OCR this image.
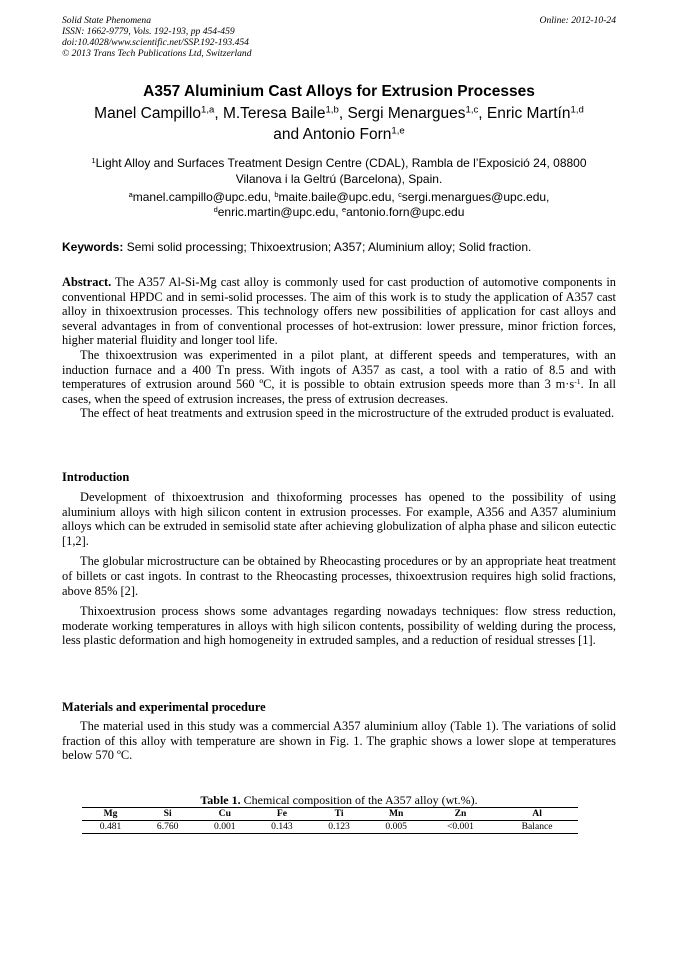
Solid State Phenomena
ISSN: 1662-9779, Vols. 192-193, pp 454-459
doi:10.4028/www.scientific.net/SSP.192-193.454
© 2013 Trans Tech Publications Ltd, Switzerland
Online: 2012-10-24
A357 Aluminium Cast Alloys for Extrusion Processes
Manel Campillo$^{1,a}$, M.Teresa Baile$^{1,b}$, Sergi Menargues$^{1,c}$, Enric Martín$^{1,d}$
and Antonio Forn$^{1,e}$
$^1$Light Alloy and Surfaces Treatment Design Centre (CDAL), Rambla de l’Exposició 24, 08800
Vilanova i la Geltrú (Barcelona), Spain.
$^a$manel.campillo@upc.edu, $^b$maite.baile@upc.edu, $^c$sergi.menargues@upc.edu,
$^d$enric.martin@upc.edu, $^e$antonio.forn@upc.edu
Keywords: Semi solid processing; Thixoextrusion; A357; Aluminium alloy; Solid fraction.

Abstract. The A357 Al-Si-Mg cast alloy is commonly used for cast production of automotive components in conventional HPDC and in semi-solid processes. The aim of this work is to study the application of A357 cast alloy in thixoextrusion processes. This technology offers new possibilities of application for cast alloys and several advantages in from of conventional processes of hot-extrusion: lower pressure, minor friction forces, higher material fluidity and longer tool life.

The thixoextrusion was experimented in a pilot plant, at different speeds and temperatures, with an induction furnace and a 400 Tn press. With ingots of A357 as cast, a tool with a ratio of 8.5 and with temperatures of extrusion around 560 ºC, it is possible to obtain extrusion speeds more than 3 $m\cdot s^{-1}$. In all cases, when the speed of extrusion increases, the press of extrusion decreases.

The effect of heat treatments and extrusion speed in the microstructure of the extruded product is evaluated.

Introduction

Development of thixoextrusion and thixoforming processes has opened to the possibility of using aluminium alloys with high silicon content in extrusion processes. For example, A356 and A357 aluminium alloys which can be extruded in semisolid state after achieving globulization of alpha phase and silicon eutectic [1,2].

The globular microstructure can be obtained by Rheocasting procedures or by an appropriate heat treatment of billets or cast ingots. In contrast to the Rheocasting processes, thixoextrusion requires high solid fractions, above 85% [2].

Thixoextrusion process shows some advantages regarding nowadays techniques: flow stress reduction, moderate working temperatures in alloys with high silicon contents, possibility of welding during the process, less plastic deformation and high homogeneity in extruded samples, and a reduction of residual stresses [1].

Materials and experimental procedure

The material used in this study was a commercial A357 aluminium alloy (Table 1). The variations of solid fraction of this alloy with temperature are shown in Fig. 1. The graphic shows a lower slope at temperatures below 570 ºC.

Table 1. Chemical composition of the A357 alloy (wt.%).
Mg	Si	Cu	Fe	Ti	Mn	Zn	Al
0.481	6.760	0.001	0.143	0.123	0.005	<0.001	Balance
